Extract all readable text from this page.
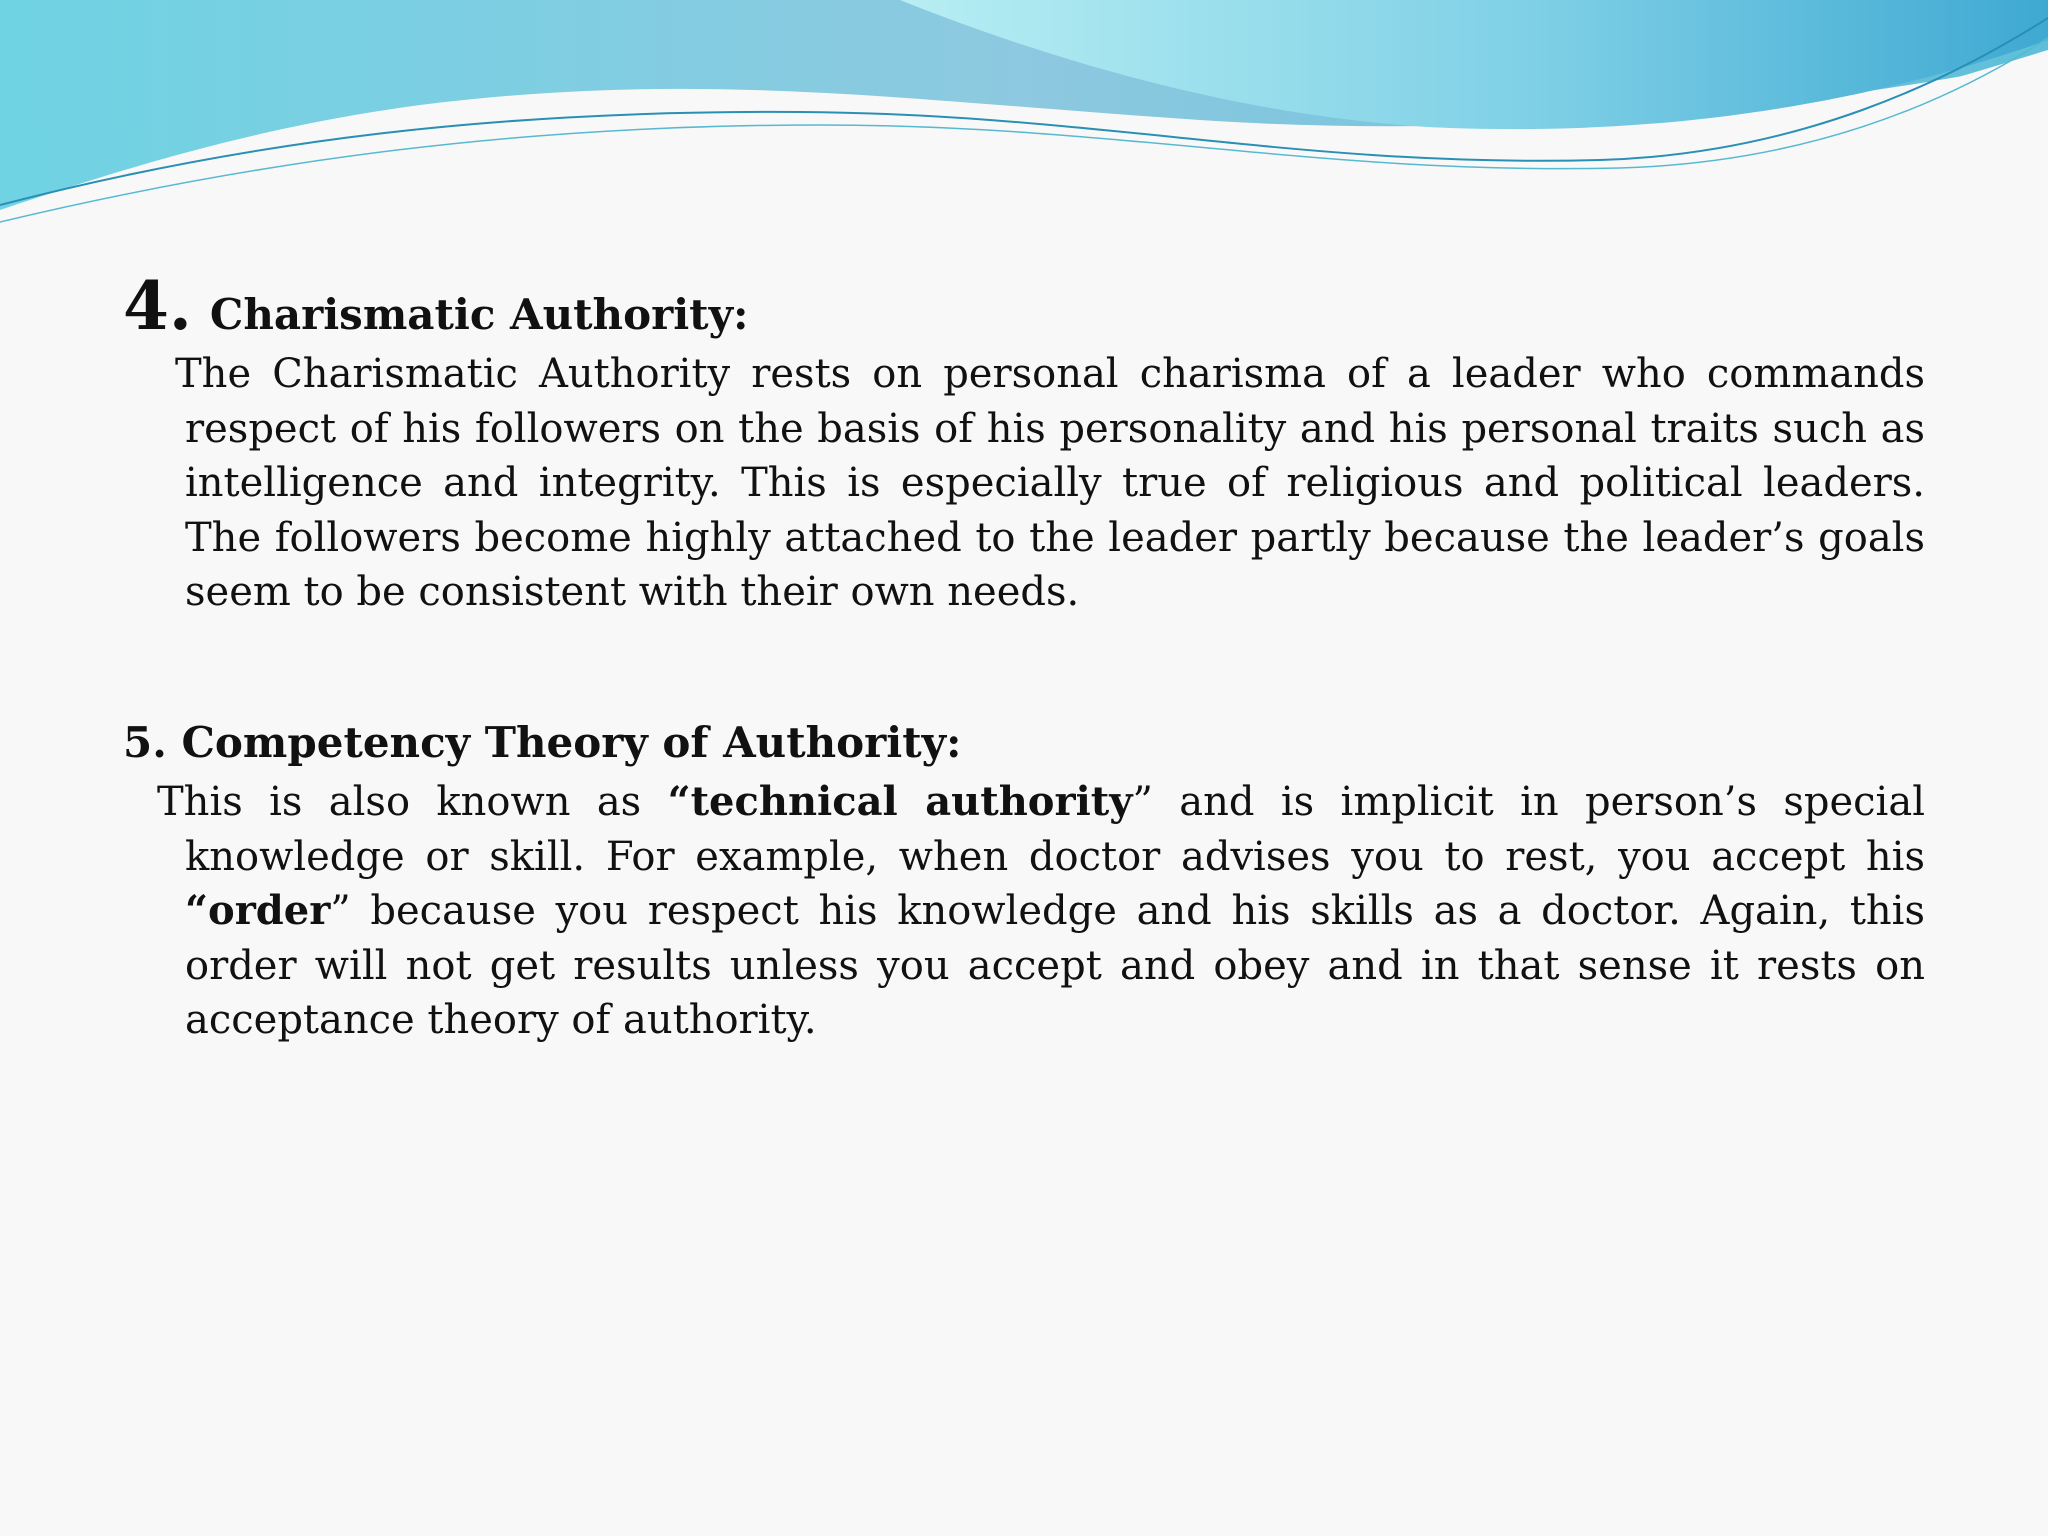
4. Charismatic Authority:
The Charismatic Authority rests on personal charisma of a leader who commands respect of his followers on the basis of his personality and his personal traits such as intelligence and integrity. This is especially true of religious and political leaders. The followers become highly attached to the leader partly because the leader’s goals seem to be consistent with their own needs.
5. Competency Theory of Authority:
This is also known as “technical authority” and is implicit in person’s special knowledge or skill. For example, when doctor advises you to rest, you accept his “order” because you respect his knowledge and his skills as a doctor. Again, this order will not get results unless you accept and obey and in that sense it rests on acceptance theory of authority.
